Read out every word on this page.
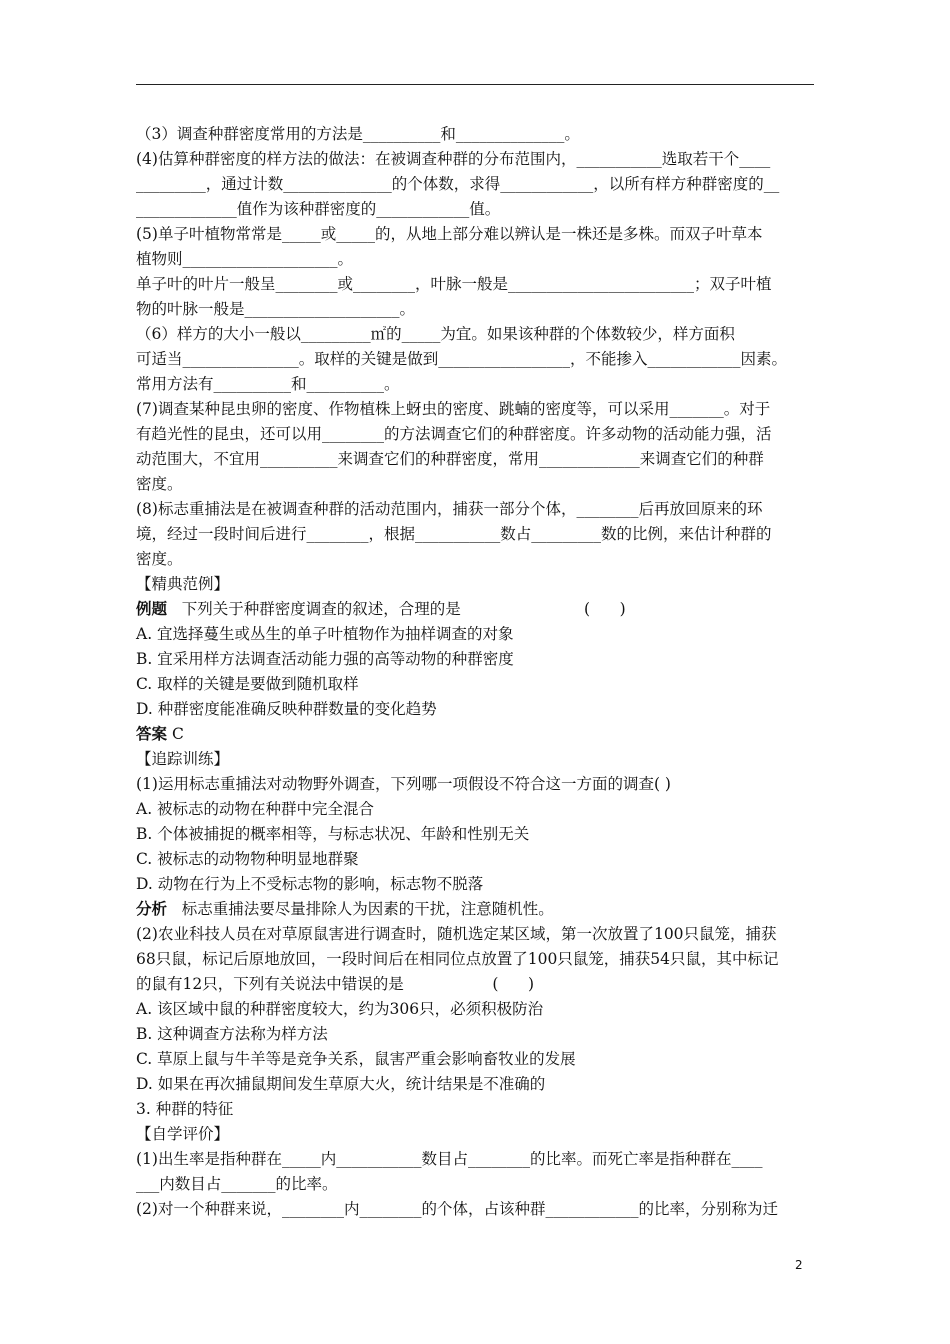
（3）调查种群密度常用的方法是__________和______________。
(4)估算种群密度的样方法的做法：在被调查种群的分布范围内，___________选取若干个____
_________，通过计数______________的个体数，求得____________，以所有样方种群密度的__
_____________值作为该种群密度的____________值。
(5)单子叶植物常常是_____或_____的，从地上部分难以辨认是一株还是多株。而双子叶草本
植物则____________________。
单子叶的叶片一般呈________或________，叶脉一般是________________________；双子叶植
物的叶脉一般是____________________。
（6）样方的大小一般以_________㎡的_____为宜。如果该种群的个体数较少，样方面积
可适当_______________。取样的关键是做到_________________，不能掺入____________因素。
常用方法有__________和__________。
(7)调查某种昆虫卵的密度、作物植株上蚜虫的密度、跳蝻的密度等，可以采用_______。对于
有趋光性的昆虫，还可以用________的方法调查它们的种群密度。许多动物的活动能力强，活
动范围大，不宜用__________来调查它们的种群密度，常用_____________来调查它们的种群
密度。
(8)标志重捕法是在被调查种群的活动范围内，捕获一部分个体，________后再放回原来的环
境，经过一段时间后进行________，根据___________数占_________数的比例，来估计种群的
密度。
【精典范例】
例题   下列关于种群密度调查的叙述，合理的是                         (      )
A. 宜选择蔓生或丛生的单子叶植物作为抽样调查的对象
B. 宜采用样方法调查活动能力强的高等动物的种群密度
C. 取样的关键是要做到随机取样
D. 种群密度能准确反映种群数量的变化趋势
答案 C
【追踪训练】
(1)运用标志重捕法对动物野外调查，下列哪一项假设不符合这一方面的调查( )
A. 被标志的动物在种群中完全混合
B. 个体被捕捉的概率相等，与标志状况、年龄和性别无关
C. 被标志的动物物种明显地群聚
D. 动物在行为上不受标志物的影响，标志物不脱落
分析   标志重捕法要尽量排除人为因素的干扰，注意随机性。
(2)农业科技人员在对草原鼠害进行调查时，随机选定某区域，第一次放置了100只鼠笼，捕获
68只鼠，标记后原地放回，一段时间后在相同位点放置了100只鼠笼，捕获54只鼠，其中标记
的鼠有12只，下列有关说法中错误的是                  (      )
A. 该区域中鼠的种群密度较大，约为306只，必须积极防治
B. 这种调查方法称为样方法
C. 草原上鼠与牛羊等是竞争关系，鼠害严重会影响畜牧业的发展
D. 如果在再次捕鼠期间发生草原大火，统计结果是不准确的
3. 种群的特征
【自学评价】
(1)出生率是指种群在_____内___________数目占________的比率。而死亡率是指种群在____
___内数目占_______的比率。
(2)对一个种群来说，________内________的个体，占该种群____________的比率，分别称为迁
2
